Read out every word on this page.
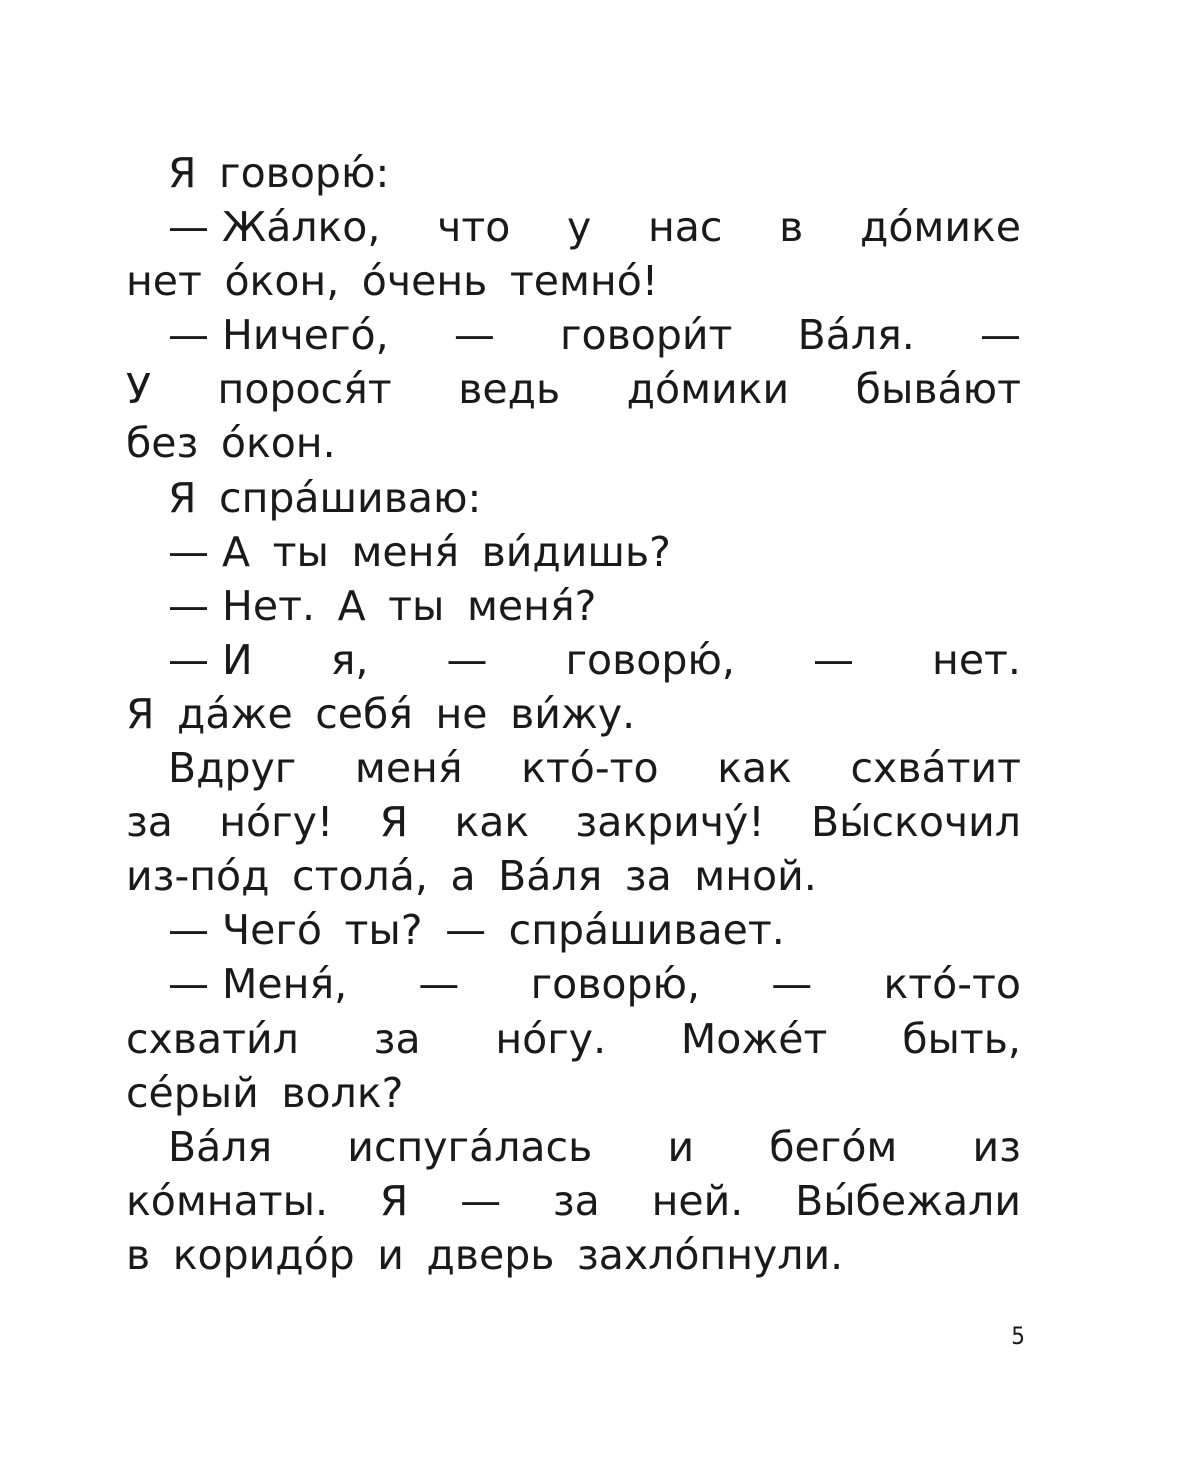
Я говорю́:
— Жа́лко, что у нас в до́мике
нет о́кон, о́чень темно́!
— Ничего́, — говори́т Ва́ля. —
У порося́т ведь до́мики быва́ют
без о́кон.
Я спра́шиваю:
— А ты меня́ ви́дишь?
— Нет. А ты меня́?
— И я, — говорю́, — нет.
Я да́же себя́ не ви́жу.
Вдруг меня́ кто́-то как схва́тит
за но́гу! Я как закричу́! Вы́скочил
из-по́д стола́, а Ва́ля за мной.
— Чего́ ты? — спра́шивает.
— Меня́, — говорю́, — кто́-то
схвати́л за но́гу. Може́т быть,
се́рый волк?
Ва́ля испуга́лась и бего́м из
ко́мнаты. Я — за ней. Вы́бежали
в коридо́р и дверь захло́пнули.
5
